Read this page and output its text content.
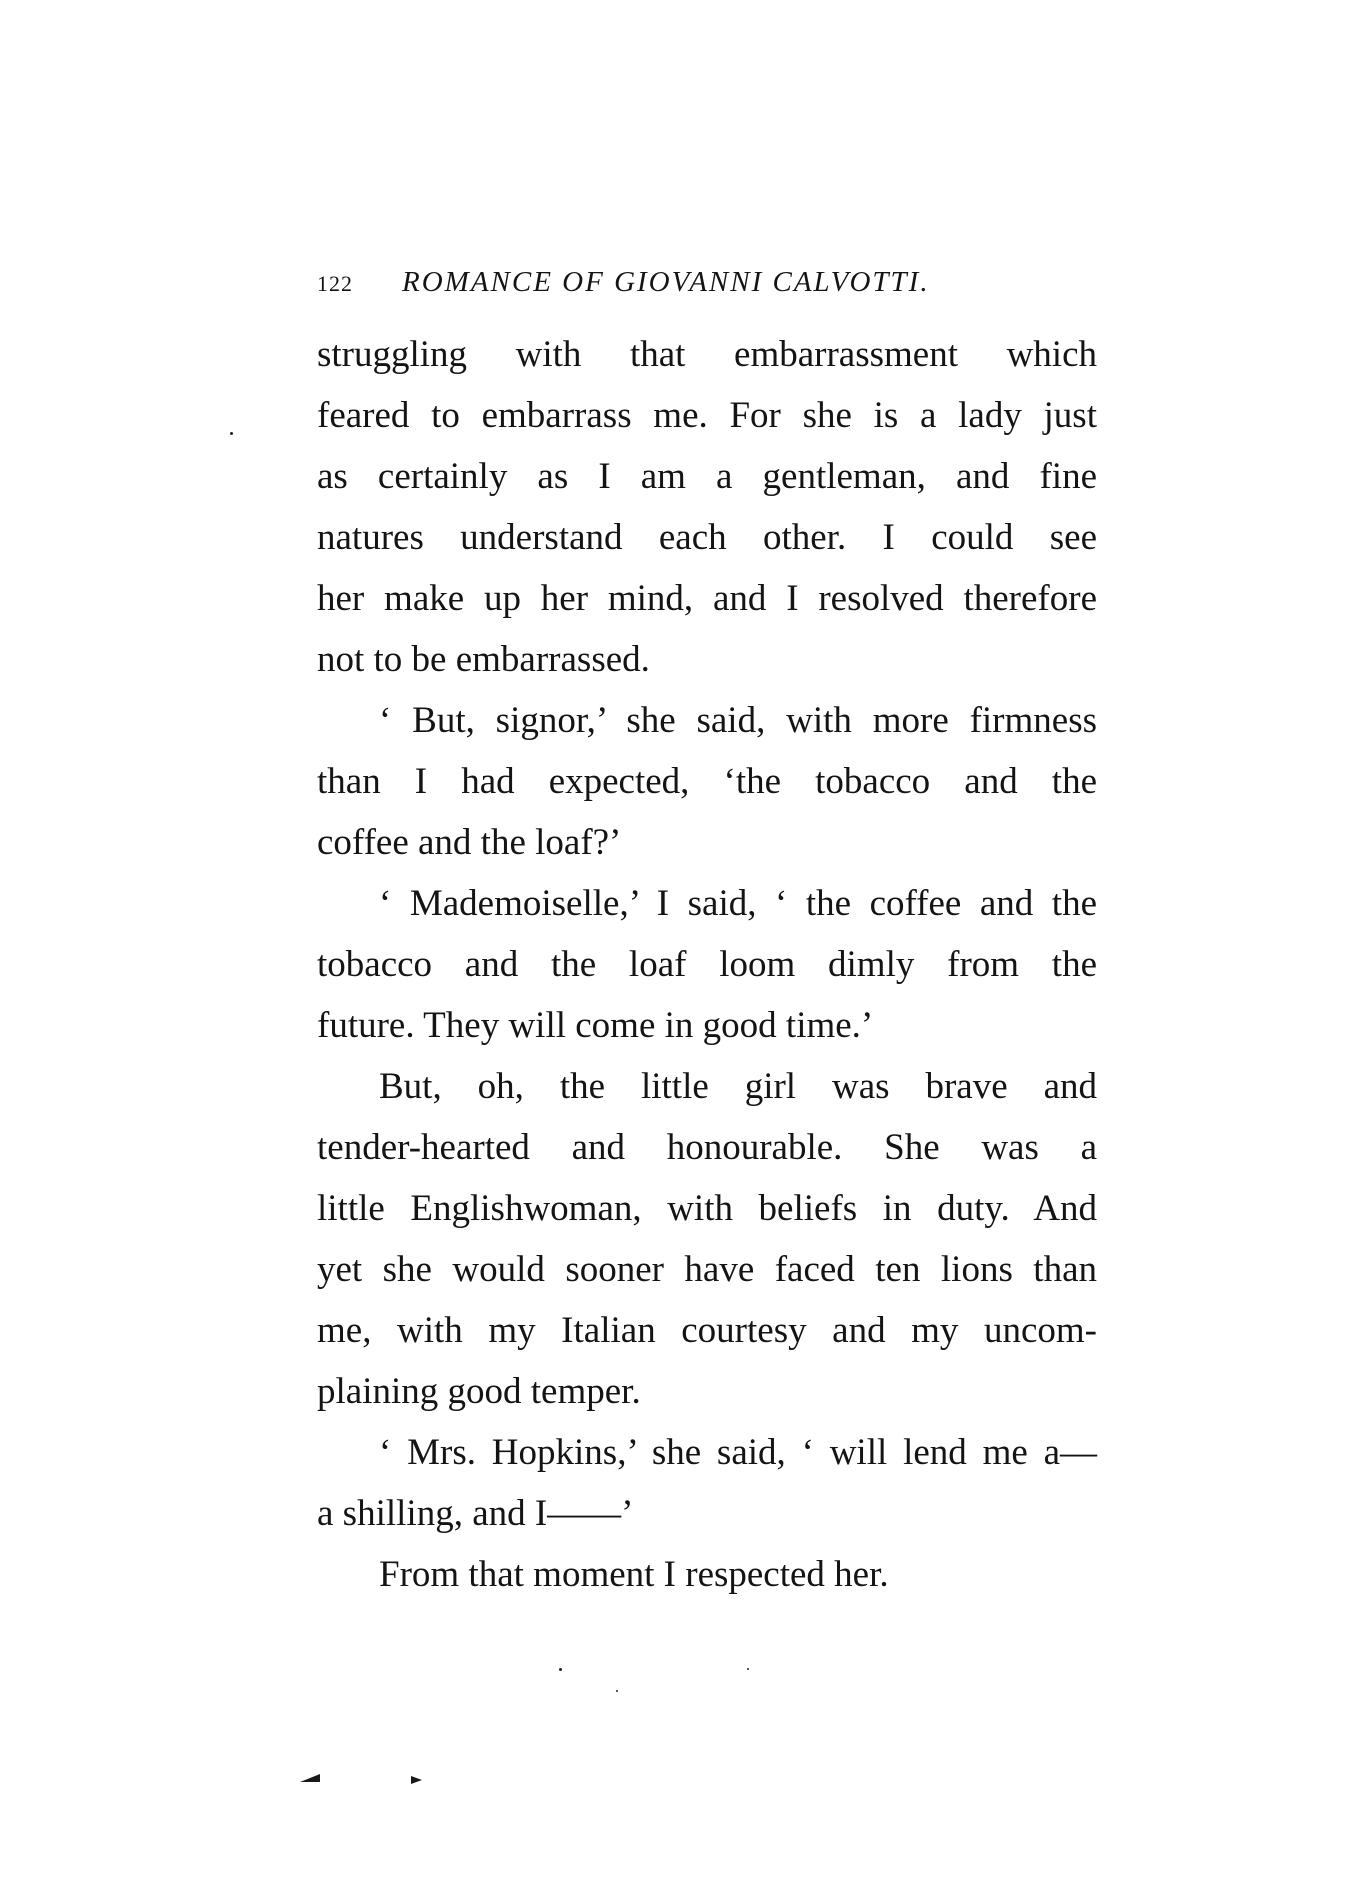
122 ROMANCE OF GIOVANNI CALVOTTI.
struggling with that embarrassment which
feared to embarrass me. For she is a lady just
as certainly as I am a gentleman, and fine
natures understand each other. I could see
her make up her mind, and I resolved therefore
not to be embarrassed.
‘ But, signor,’ she said, with more firmness
than I had expected, ‘the tobacco and the
coffee and the loaf?’
‘ Mademoiselle,’ I said, ‘ the coffee and the
tobacco and the loaf loom dimly from the
future. They will come in good time.’
But, oh, the little girl was brave and
tender-hearted and honourable. She was a
little Englishwoman, with beliefs in duty. And
yet she would sooner have faced ten lions than
me, with my Italian courtesy and my uncom-
plaining good temper.
‘ Mrs. Hopkins,’ she said, ‘ will lend me a—
a shilling, and I——’
From that moment I respected her.
